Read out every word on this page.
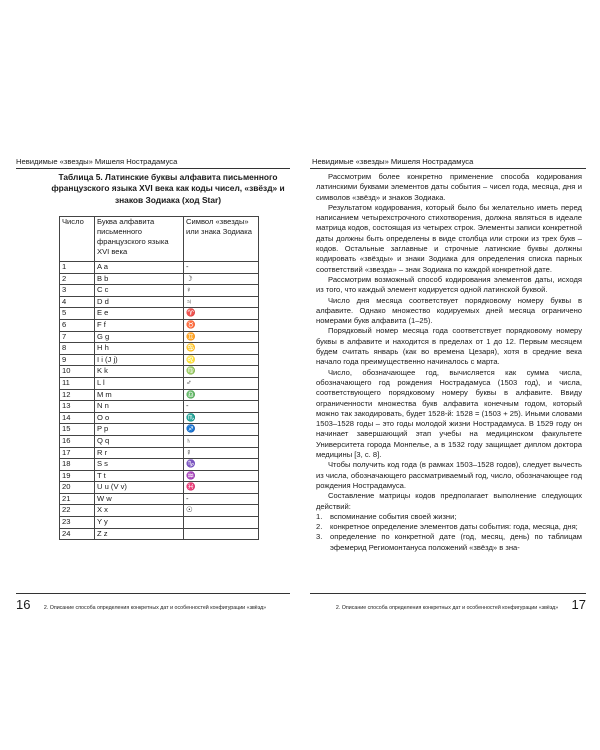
Невидимые «звезды» Мишеля Нострадамуса
Таблица 5. Латинские буквы алфавита письменного французского языка XVI века как коды чисел, «звёзд» и знаков Зодиака (ход Star)
Число	Буква алфавита письменного французского языка XVI века	Символ «звезды» или знака Зодиака
1	A a	-
2	B b	☽
3	C c	♀
4	D d	♃
5	E e	♈
6	F f	♉
7	G g	♊
8	H h	♋
9	I i (J j)	♌
10	K k	♍
11	L l	♂
12	M m	♎
13	N n	-
14	O o	♏
15	P p	♐
16	Q q	♄
17	R r	☿
18	S s	♑
19	T t	♒
20	U u (V v)	♓
21	W w	-
22	X x	☉
23	Y y	
24	Z z	
16	2. Описание способа определения конкретных дат и особенностей конфигурации «звёзд»
Невидимые «звезды» Мишеля Нострадамуса

Рассмотрим более конкретно применение способа кодирования латинскими буквами элементов даты события – чисел года, месяца, дня и символов «звёзд» и знаков Зодиака.

Результатом кодирования, который было бы желательно иметь перед написанием четырехстрочного стихотворения, должна являться в идеале матрица кодов, состоящая из четырех строк. Элементы записи конкретной даты должны быть определены в виде столбца или строки из трех букв – кодов. Остальные заглавные и строчные латинские буквы должны кодировать «звёзды» и знаки Зодиака для определения списка парных соответствий «звезда» – знак Зодиака по каждой конкретной дате.

Рассмотрим возможный способ кодирования элементов даты, исходя из того, что каждый элемент кодируется одной латинской буквой.

Число дня месяца соответствует порядковому номеру буквы в алфавите. Однако множество кодируемых дней месяца ограничено номерами букв алфавита (1–25).

Порядковый номер месяца года соответствует порядковому номеру буквы в алфавите и находится в пределах от 1 до 12. Первым месяцем будем считать январь (как во времена Цезаря), хотя в средние века начало года преимущественно начиналось с марта.

Число, обозначающее год, вычисляется как сумма числа, обозначающего год рождения Нострадамуса (1503 год), и числа, соответствующего порядковому номеру буквы в алфавите. Ввиду ограниченности множества букв алфавита конечным годом, который можно так закодировать, будет 1528-й: 1528 = (1503 + 25). Иными словами 1503–1528 годы – это годы молодой жизни Нострадамуса. В 1529 году он начинает завершающий этап учебы на медицинском факультете Университета города Монпелье, а в 1532 году защищает диплом доктора медицины [3, с. 8].

Чтобы получить код года (в рамках 1503–1528 годов), следует вычесть из числа, обозначающего рассматриваемый год, число, обозначающее год рождения Нострадамуса.

Составление матрицы кодов предполагает выполнение следующих действий:

1.	вспоминание события своей жизни;
2.	конкретное определение элементов даты события: года, месяца, дня;
3.	определение по конкретной дате (год, месяц, день) по таблицам эфемерид Региомонтануса положений «звёзд» в зна-
2. Описание способа определения конкретных дат и особенностей конфигурации «звёзд» 17
